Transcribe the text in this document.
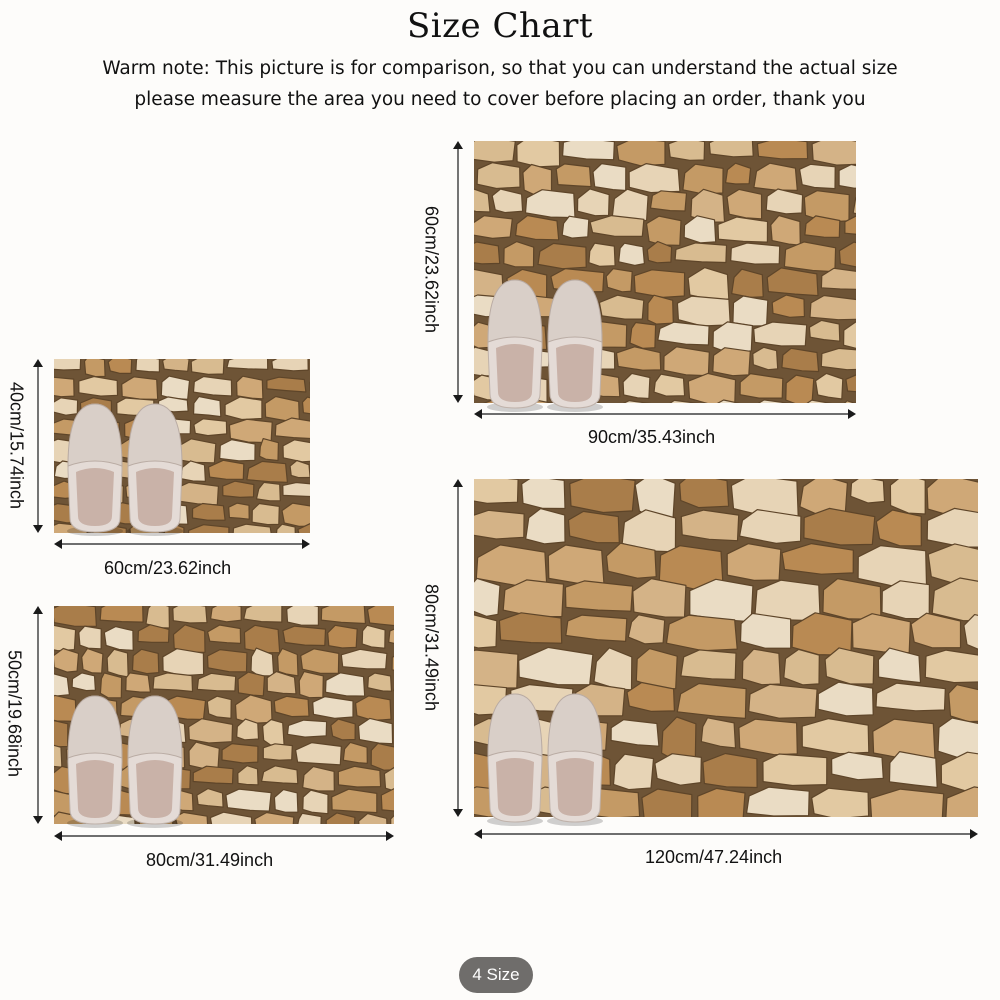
Size Chart
Warm note: This picture is for comparison, so that you can understand the actual size
please measure the area you need to cover before placing an order, thank you
40cm/15.74inch
60cm/23.62inch
50cm/19.68inch
80cm/31.49inch
60cm/23.62inch
90cm/35.43inch
80cm/31.49inch
120cm/47.24inch
4 Size
